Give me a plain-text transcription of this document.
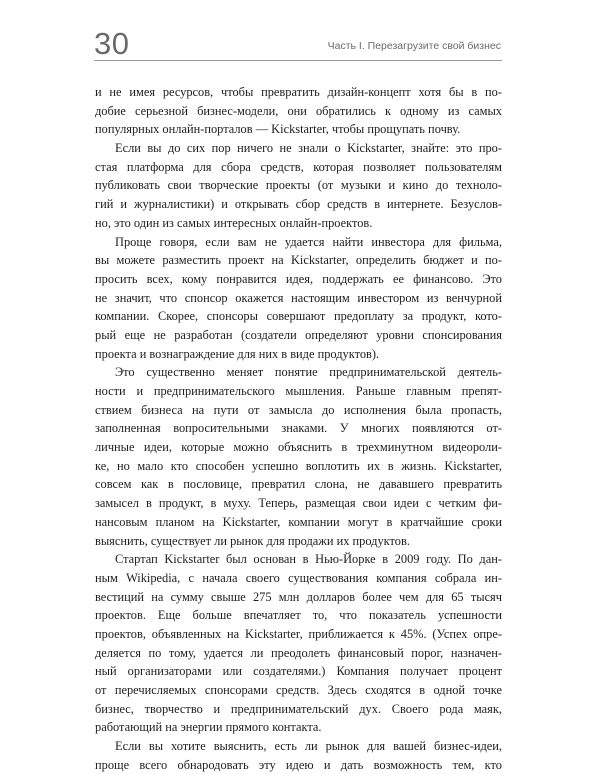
30	Часть I. Перезагрузите свой бизнес
и не имея ресурсов, чтобы превратить дизайн-концепт хотя бы в по-
добие серьезной бизнес-модели, они обратились к одному из самых
популярных онлайн-порталов — Kickstarter, чтобы прощупать почву.
Если вы до сих пор ничего не знали о Kickstarter, знайте: это про-
стая платформа для сбора средств, которая позволяет пользователям
публиковать свои творческие проекты (от музыки и кино до технолo-
гий и журналистики) и открывать сбор средств в интернете. Безуслов-
но, это один из самых интересных онлайн-проектов.
Проще говоря, если вам не удается найти инвестора для фильма,
вы можете разместить проект на Kickstarter, определить бюджет и по-
просить всех, кому понравится идея, поддержать ее финансово. Это
не значит, что спонсор окажется настоящим инвестором из венчурной
компании. Скорее, спонсоры совершают предоплату за продукт, кото-
рый еще не разработан (создатели определяют уровни спонсирования
проекта и вознаграждение для них в виде продуктов).
Это существенно меняет понятие предпринимательской деятель-
ности и предпринимательского мышления. Раньше главным препят-
ствием бизнеса на пути от замысла до исполнения была пропасть,
заполненная вопросительными знаками. У многих появляются от-
личные идеи, которые можно объяснить в трехминутном видеороли-
ке, но мало кто способен успешно воплотить их в жизнь. Kickstarter,
совсем как в пословице, превратил слона, не дававшего превратить
замысел в продукт, в муху. Теперь, размещая свои идеи с четким фи-
нансовым планом на Kickstarter, компании могут в кратчайшие сроки
выяснить, существует ли рынок для продажи их продуктов.
Стартап Kickstarter был основан в Нью-Йорке в 2009 году. По дан-
ным Wikipedia, с начала своего существования компания собрала ин-
вестиций на сумму свыше 275 млн долларов более чем для 65 тысяч
проектов. Еще больше впечатляет то, что показатель успешности
проектов, объявленных на Kickstarter, приближается к 45%. (Успех опре-
деляется по тому, удается ли преодолеть финансовый порог, назначен-
ный организаторами или создателями.) Компания получает процент
от перечисляемых спонсорами средств. Здесь сходятся в одной точке
бизнес, творчество и предпринимательский дух. Своего рода маяк,
работающий на энергии прямого контакта.
Если вы хотите выяснить, есть ли рынок для вашей бизнес-идеи,
проще всего обнародовать эту идею и дать возможность тем, кто
